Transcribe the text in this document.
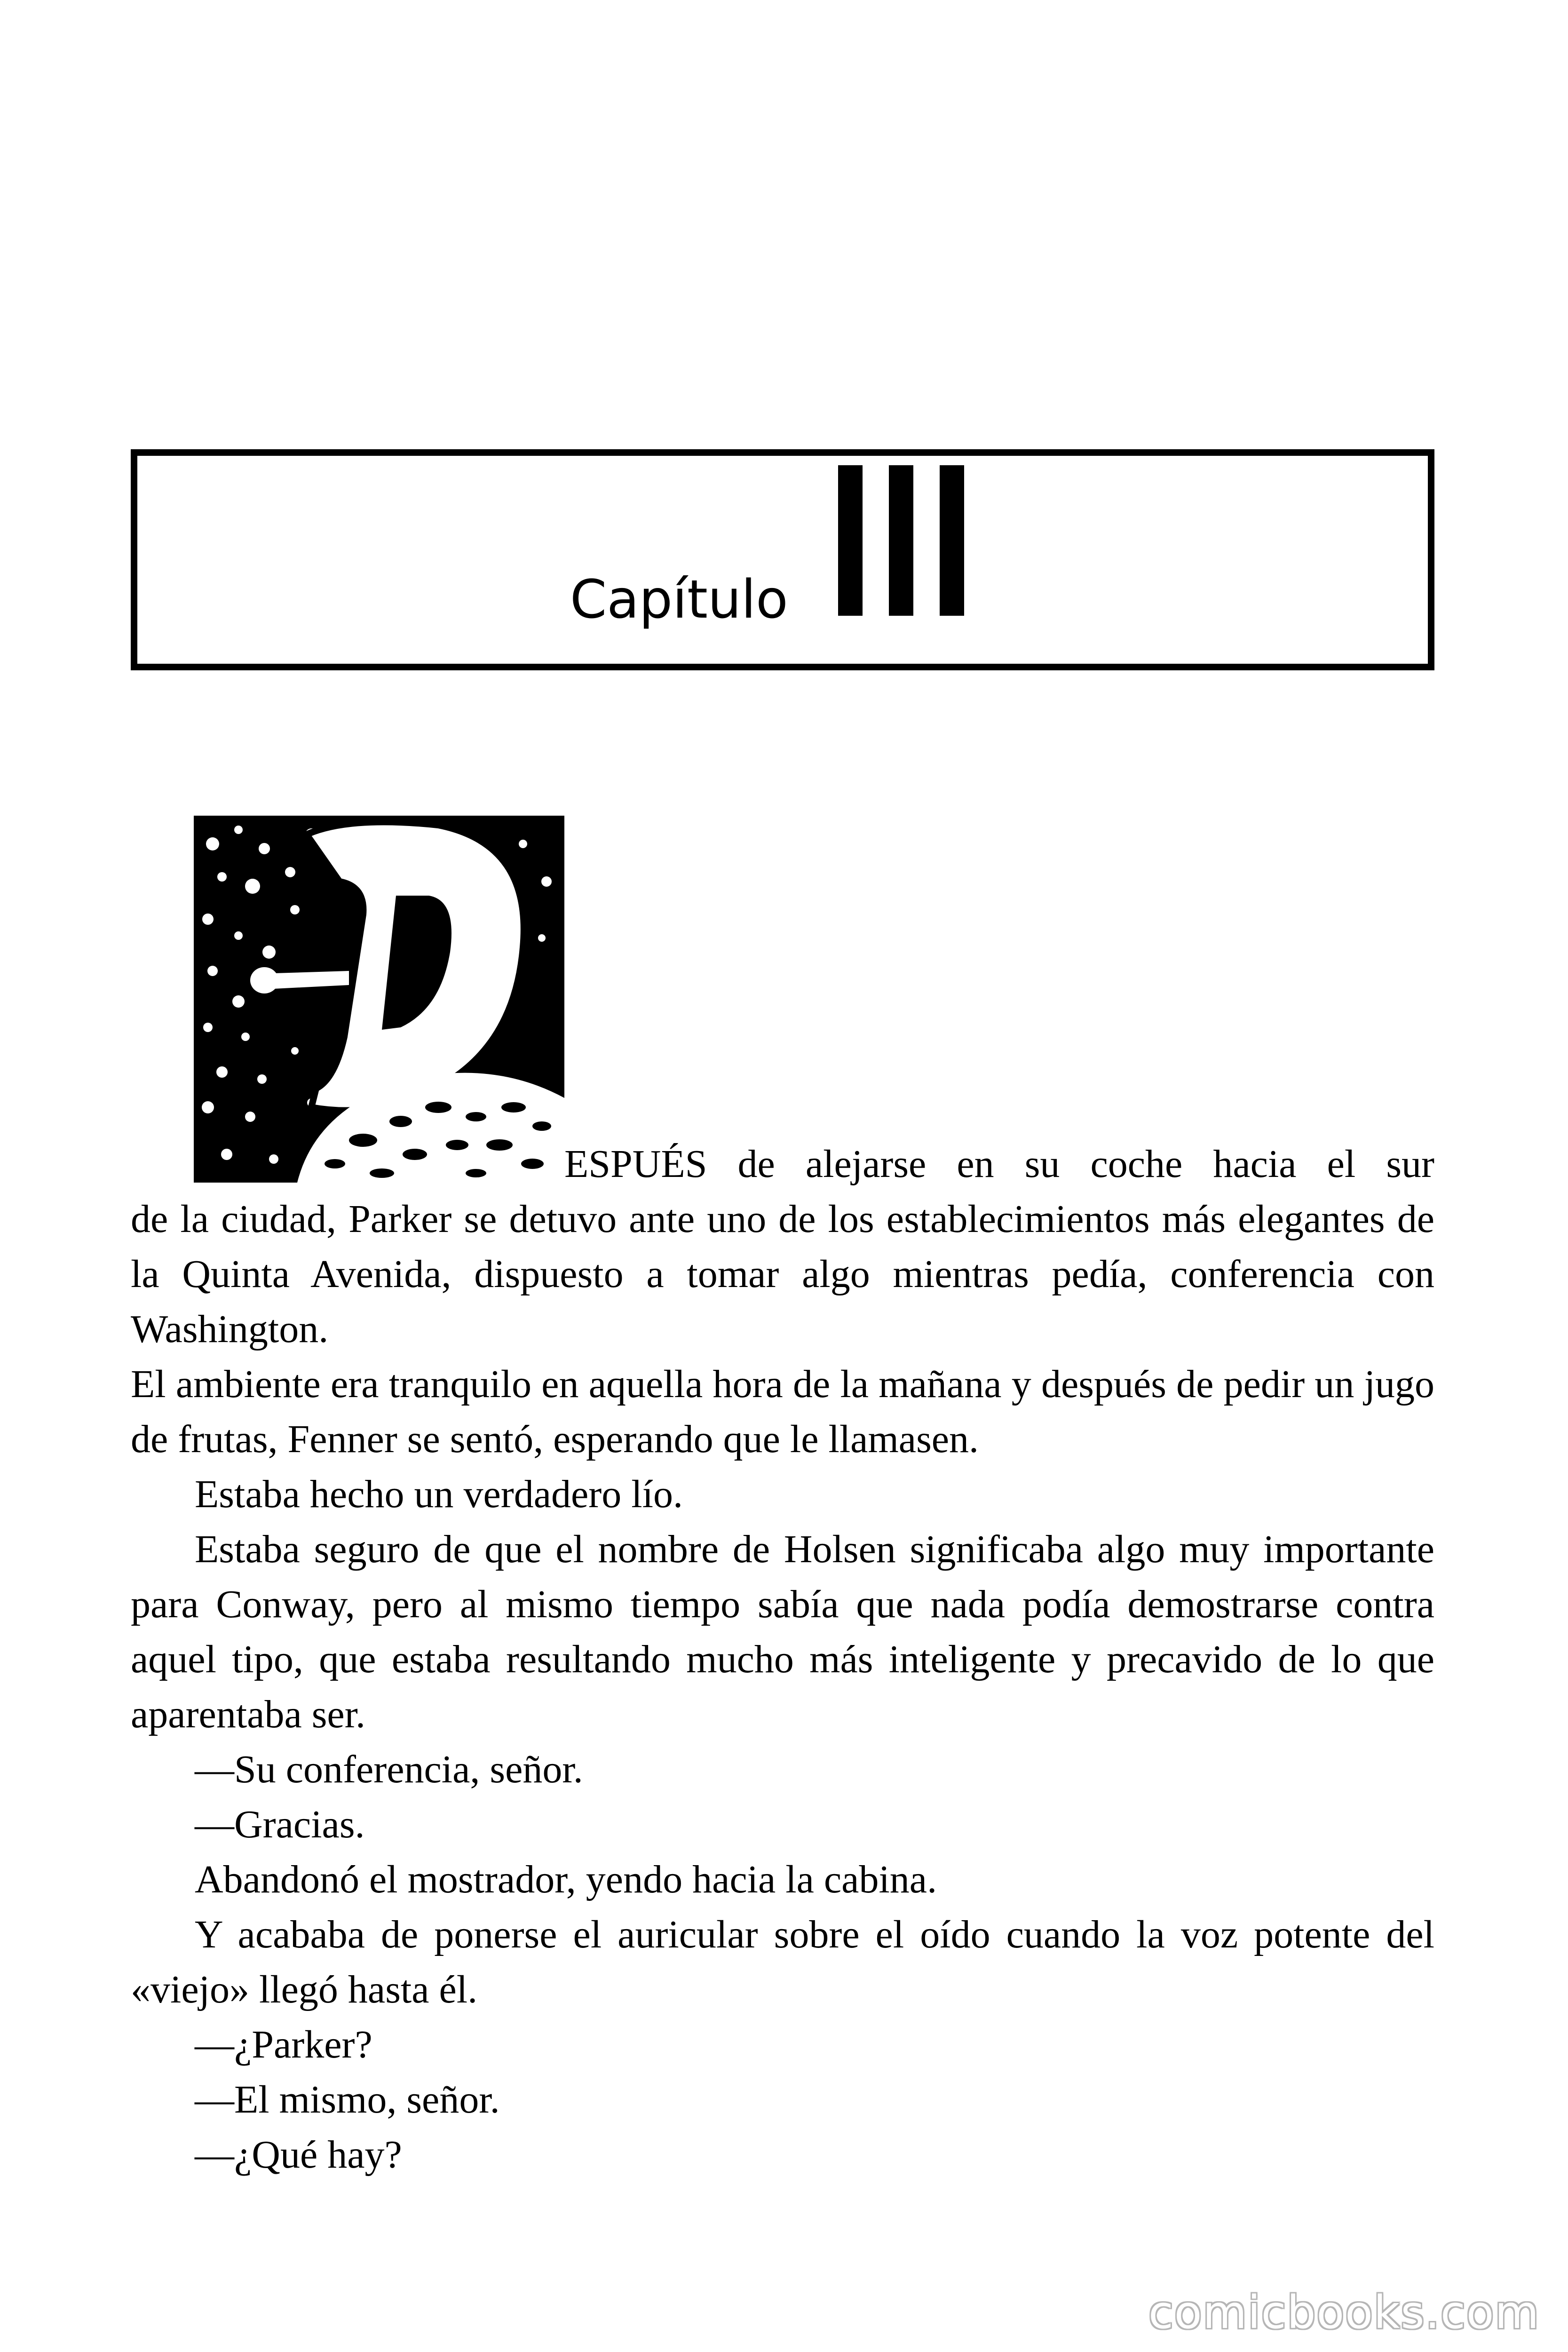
Capítulo

ESPUÉS de alejarse en su coche hacia el sur
de la ciudad, Parker se detuvo ante uno de los establecimientos más elegantes de la Quinta Avenida, dispuesto a tomar algo mientras pedía, conferencia con Washington.

El ambiente era tranquilo en aquella hora de la mañana y después de pedir un jugo de frutas, Fenner se sentó, esperando que le llamasen.

Estaba hecho un verdadero lío.

Estaba seguro de que el nombre de Holsen significaba algo muy importante para Conway, pero al mismo tiempo sabía que nada podía demostrarse contra aquel tipo, que estaba resultando mucho más inteligente y precavido de lo que aparentaba ser.

—Su conferencia, señor.

—Gracias.

Abandonó el mostrador, yendo hacia la cabina.

Y acababa de ponerse el auricular sobre el oído cuando la voz potente del «viejo» llegó hasta él.

—¿Parker?

—El mismo, señor.

—¿Qué hay?

comicbooks.com
